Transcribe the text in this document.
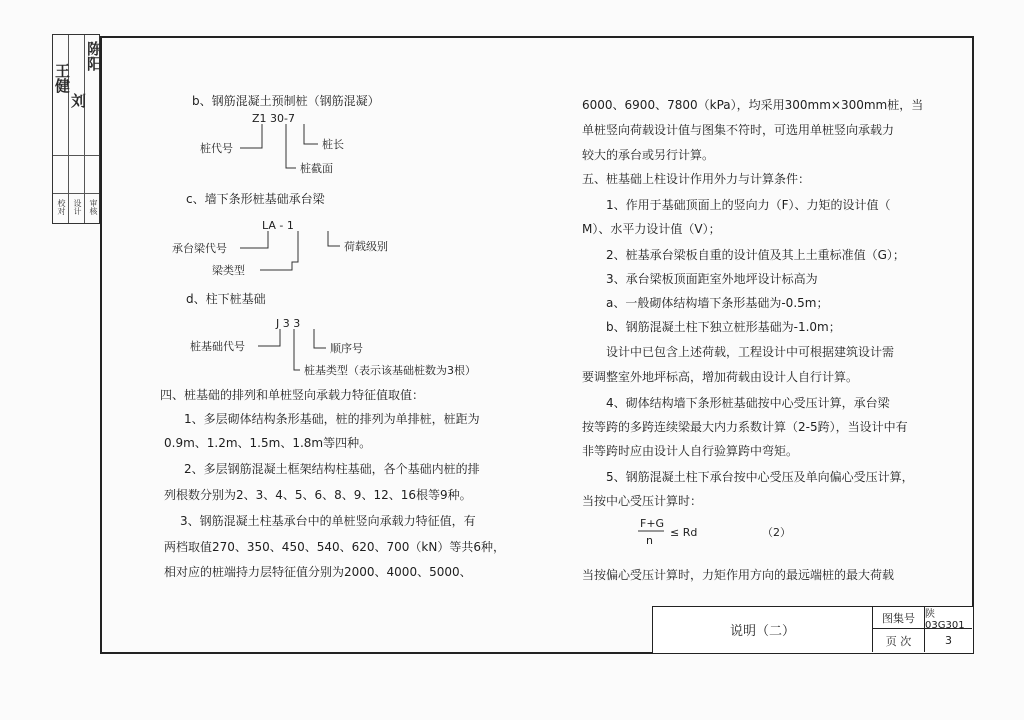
校对 设计 审核
王健
刘
陈阳
b、钢筋混凝土预制桩（钢筋混凝）
Z1 30-7
桩代号	桩长
桩截面
c、墙下条形桩基础承台梁
LA - 1
承台梁代号	荷载级别
梁类型
d、柱下桩基础
J 3 3
桩基础代号	顺序号
桩基类型（表示该基础桩数为3根）
四、桩基础的排列和单桩竖向承载力特征值取值：
1、多层砌体结构条形基础，桩的排列为单排桩，桩距为
0.9m、1.2m、1.5m、1.8m等四种。
2、多层钢筋混凝土框架结构柱基础，各个基础内桩的排
列根数分别为2、3、4、5、6、8、9、12、16根等9种。
3、钢筋混凝土柱基承台中的单桩竖向承载力特征值，有
两档取值270、350、450、540、620、700（kN）等共6种，
相对应的桩端持力层特征值分别为2000、4000、5000、
6000、6900、7800（kPa），均采用300mm×300mm桩，当
单桩竖向荷载设计值与图集不符时，可选用单桩竖向承载力
较大的承台或另行计算。
五、桩基础上柱设计作用外力与计算条件：
1、作用于基础顶面上的竖向力（F）、力矩的设计值（
M）、水平力设计值（V）；
2、桩基承台梁板自重的设计值及其上土重标准值（G）；
3、承台梁板顶面距室外地坪设计标高为
a、一般砌体结构墙下条形基础为-0.5m；
b、钢筋混凝土柱下独立桩形基础为-1.0m；
设计中已包含上述荷载，工程设计中可根据建筑设计需
要调整室外地坪标高，增加荷载由设计人自行计算。
4、砌体结构墙下条形桩基础按中心受压计算，承台梁
按等跨的多跨连续梁最大内力系数计算（2-5跨），当设计中有
非等跨时应由设计人自行验算跨中弯矩。
5、钢筋混凝土柱下承台按中心受压及单向偏心受压计算，
当按中心受压计算时：
F+G
n
≤ Rd	（2）
当按偏心受压计算时，力矩作用方向的最远端桩的最大荷载
说明（二）
图集号	陕03G301
页 次	3
